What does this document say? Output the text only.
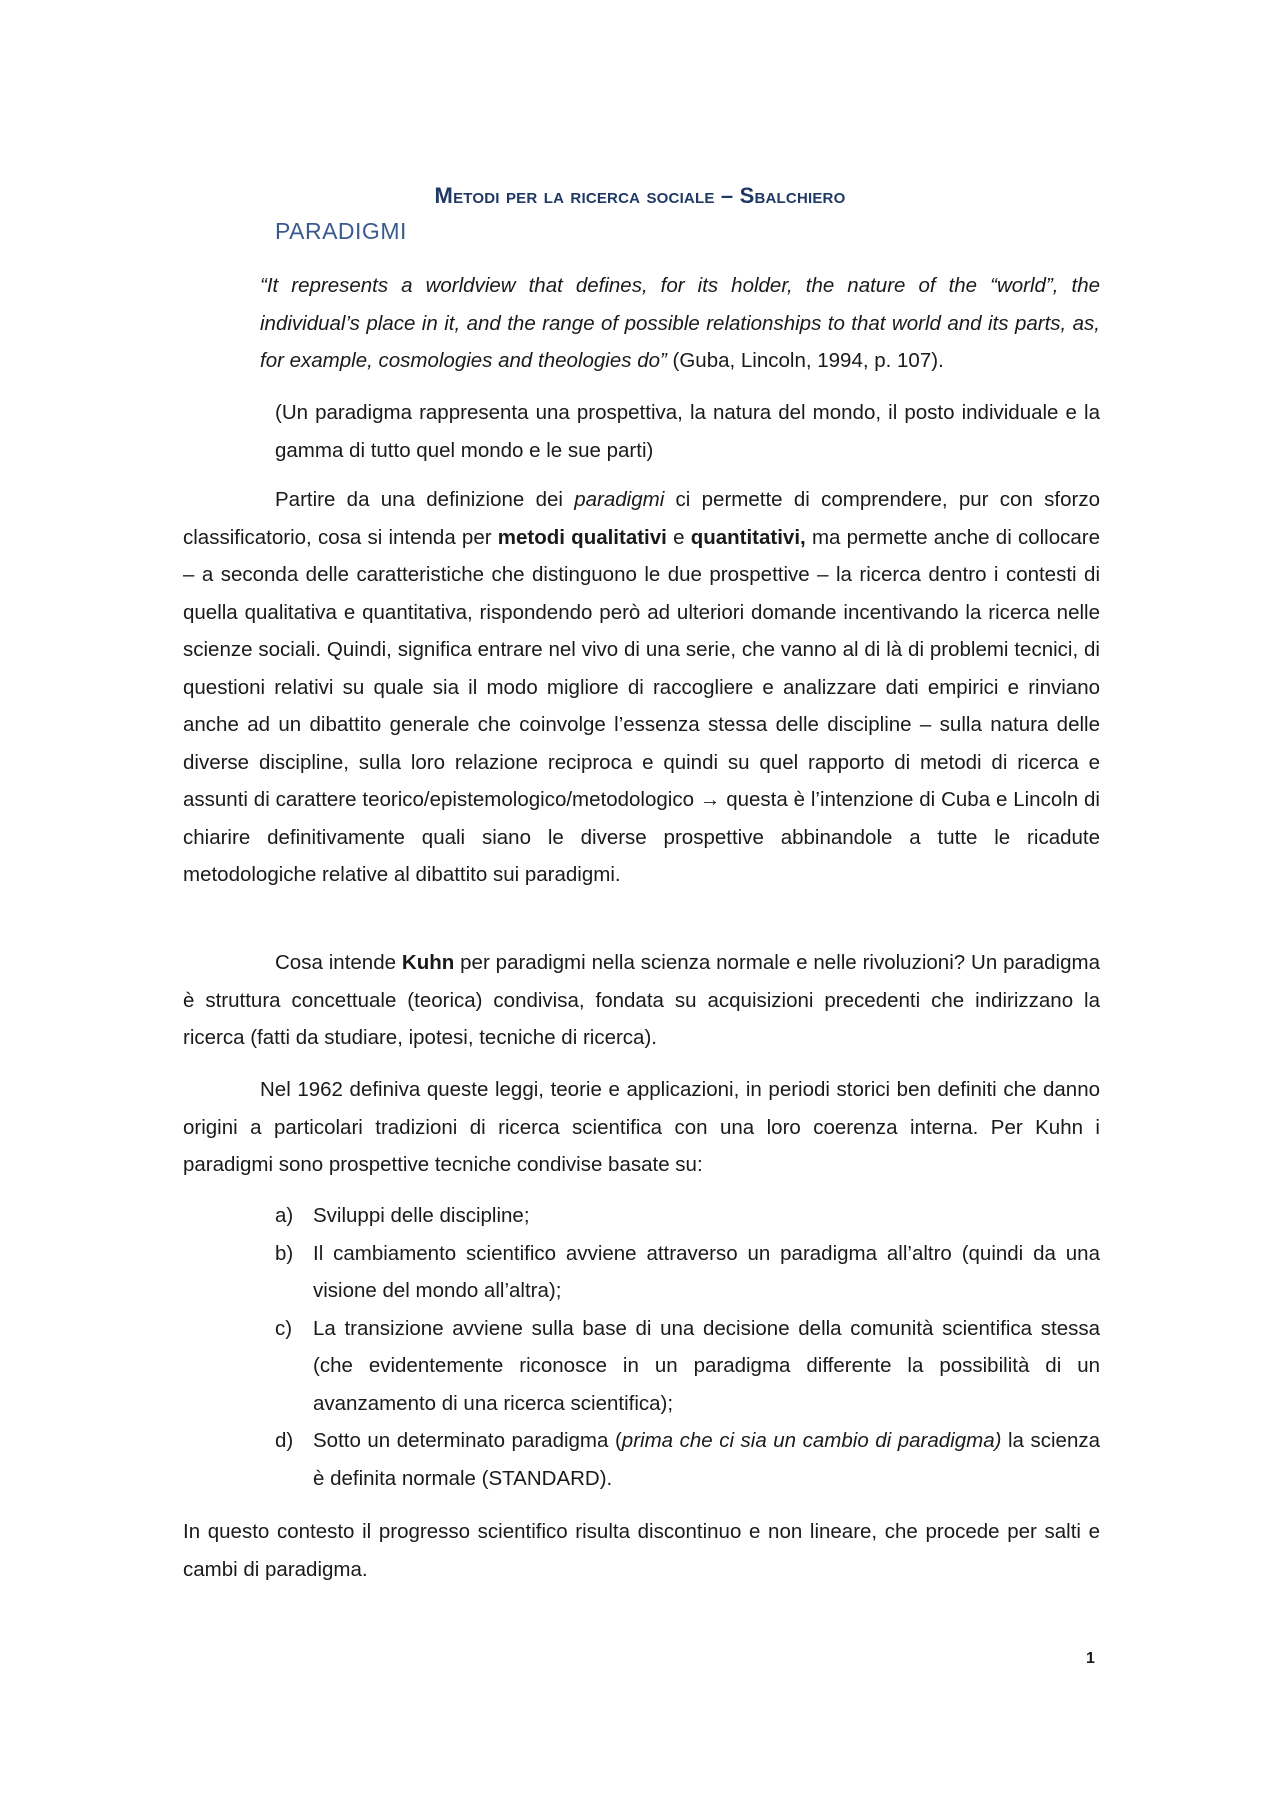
Metodi per la ricerca sociale – Sbalchiero
PARADIGMI
“It represents a worldview that defines, for its holder, the nature of the “world”, the individual’s place in it, and the range of possible relationships to that world and its parts, as, for example, cosmologies and theologies do” (Guba, Lincoln, 1994, p. 107).
(Un paradigma rappresenta una prospettiva, la natura del mondo, il posto individuale e la gamma di tutto quel mondo e le sue parti)
Partire da una definizione dei paradigmi ci permette di comprendere, pur con sforzo classificatorio, cosa si intenda per metodi qualitativi e quantitativi, ma permette anche di collocare – a seconda delle caratteristiche che distinguono le due prospettive – la ricerca dentro i contesti di quella qualitativa e quantitativa, rispondendo però ad ulteriori domande incentivando la ricerca nelle scienze sociali. Quindi, significa entrare nel vivo di una serie, che vanno al di là di problemi tecnici, di questioni relativi su quale sia il modo migliore di raccogliere e analizzare dati empirici e rinviano anche ad un dibattito generale che coinvolge l’essenza stessa delle discipline – sulla natura delle diverse discipline, sulla loro relazione reciproca e quindi su quel rapporto di metodi di ricerca e assunti di carattere teorico/epistemologico/metodologico → questa è l’intenzione di Cuba e Lincoln di chiarire definitivamente quali siano le diverse prospettive abbinandole a tutte le ricadute metodologiche relative al dibattito sui paradigmi.
Cosa intende Kuhn per paradigmi nella scienza normale e nelle rivoluzioni? Un paradigma è struttura concettuale (teorica) condivisa, fondata su acquisizioni precedenti che indirizzano la ricerca (fatti da studiare, ipotesi, tecniche di ricerca).
Nel 1962 definiva queste leggi, teorie e applicazioni, in periodi storici ben definiti che danno origini a particolari tradizioni di ricerca scientifica con una loro coerenza interna. Per Kuhn i paradigmi sono prospettive tecniche condivise basate su:
a) Sviluppi delle discipline;
b) Il cambiamento scientifico avviene attraverso un paradigma all’altro (quindi da una visione del mondo all’altra);
c) La transizione avviene sulla base di una decisione della comunità scientifica stessa (che evidentemente riconosce in un paradigma differente la possibilità di un avanzamento di una ricerca scientifica);
d) Sotto un determinato paradigma (prima che ci sia un cambio di paradigma) la scienza è definita normale (STANDARD).
In questo contesto il progresso scientifico risulta discontinuo e non lineare, che procede per salti e cambi di paradigma.
1
